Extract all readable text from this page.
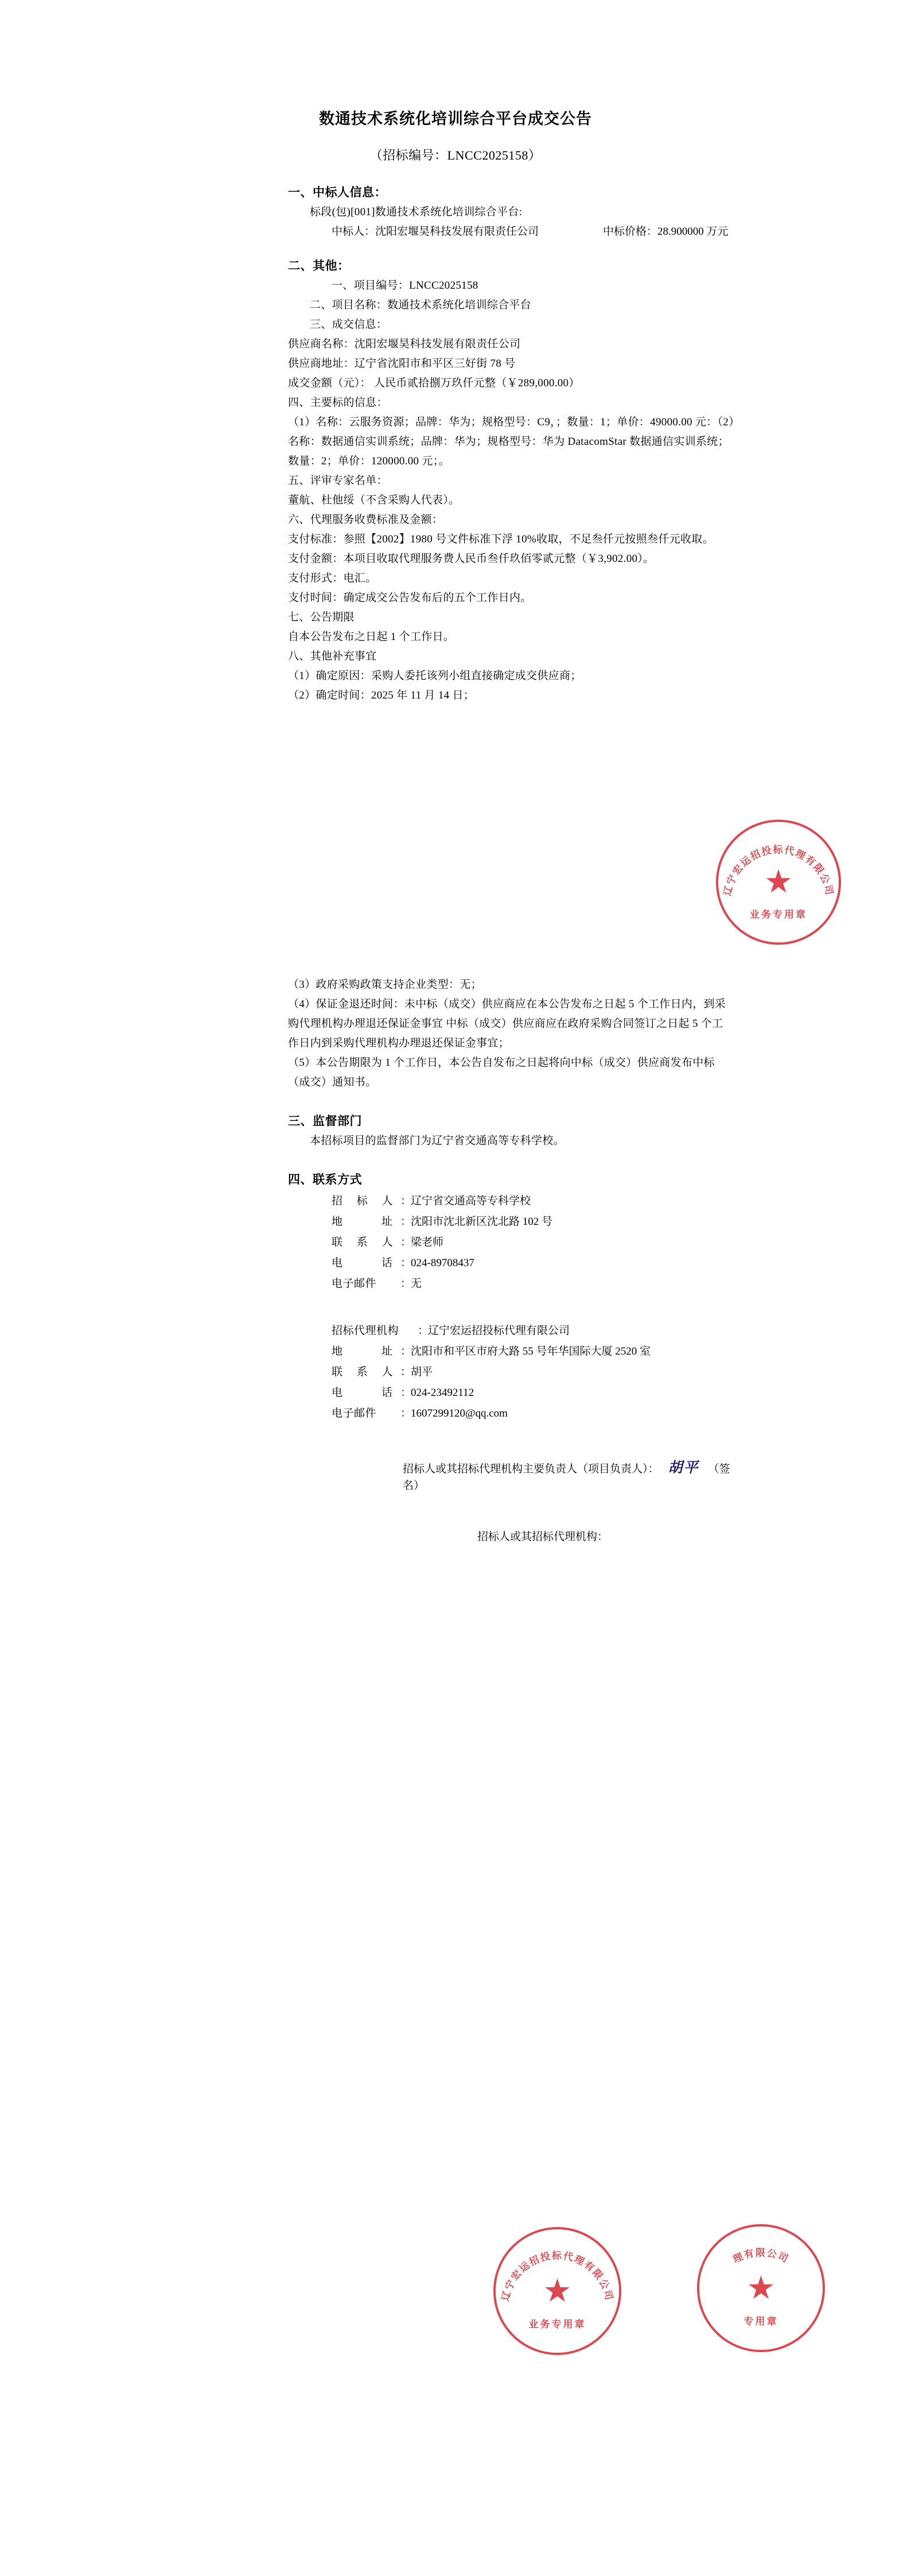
数通技术系统化培训综合平台成交公告
（招标编号：LNCC2025158）
一、中标人信息：
标段(包)[001]数通技术系统化培训综合平台:
中标人：沈阳宏堰昊科技发展有限责任公司	中标价格：28.900000 万元
二、其他：
一、项目编号：LNCC2025158
二、项目名称：数通技术系统化培训综合平台
三、成交信息：
供应商名称：沈阳宏堰昊科技发展有限责任公司
供应商地址：辽宁省沈阳市和平区三好街 78 号
成交金额（元）： 人民币贰拾捌万玖仟元整（￥289,000.00）
四、主要标的信息：
（1）名称：云服务资源；品牌：华为；规格型号：C9，；数量：1；单价：49000.00 元：（2）
名称：数据通信实训系统；品牌：华为；规格型号：华为 DatacomStar 数据通信实训系统；
数量：2；单价：120000.00 元；。
五、评审专家名单：
蕫航、杜他绥（不含采购人代表）。
六、代理服务收费标准及金额：
支付标准：参照【2002】1980 号文件标准下浮 10%收取，不足叁仟元按照叁仟元收取。
支付金额：本项目收取代理服务费人民币叁仟玖佰零贰元整（￥3,902.00）。
支付形式：电汇。
支付时间：确定成交公告发布后的五个工作日内。
七、公告期限
自本公告发布之日起 1 个工作日。
八、其他补充事宜
（1）确定原因：采购人委托该列小组直接确定成交供应商；
（2）确定时间：2025 年 11 月 14 日；
（3）政府采购政策支持企业类型：无；
（4）保证金退还时间：未中标（成交）供应商应在本公告发布之日起 5 个工作日内，到采
购代理机构办理退还保证金事宜 中标（成交）供应商应在政府采购合同签订之日起 5 个工
作日内到采购代理机构办理退还保证金事宜；
（5）本公告期限为 1 个工作日，本公告自发布之日起将向中标（成交）供应商发布中标
（成交）通知书。
三、监督部门
本招标项目的监督部门为辽宁省交通高等专科学校。
四、联系方式
招 标 人 ：
辽宁省交通高等专科学校
地　　址 ：
沈阳市沈北新区沈北路 102 号
联 系 人 ：
梁老师
电　　话 ：
024-89708437
电子邮件	：
无
招标代理机构	：
辽宁宏运招投标代理有限公司
地　　址 ：
沈阳市和平区市府大路 55 号年华国际大厦 2520 室
联 系 人 ：
胡平
电　　话 ：
024-23492112
电子邮件	：
1607299120@qq.com
招标人或其招标代理机构主要负责人（项目负责人）： 胡平 （签名）
招标人或其招标代理机构：
辽宁宏运招投标代理有限公司
★
业务专用章
辽宁宏运招投标代理有限公司
★
业务专用章
理有限公司
★
专用章
